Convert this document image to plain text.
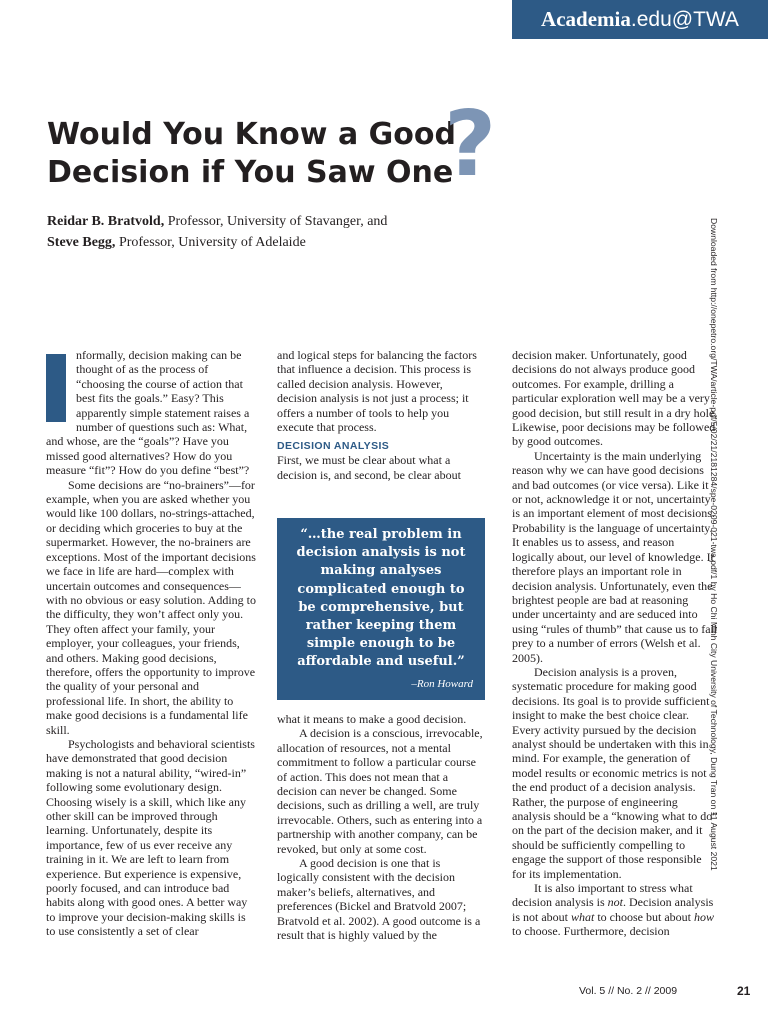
Academia.edu@TWA
Would You Know a Good
Decision if You Saw One
?
Reidar B. Bratvold, Professor, University of Stavanger, and
Steve Begg, Professor, University of Adelaide	Downloaded from http://onepetro.org/TWA/article-pdf/5/02/21/2181284/spe-0209-021-twa.pdf/1 by Ho Chi Minh City University of Technology, Dung Tran on 11 August 2021

nformally, decision making can be thought of as the process of “choosing the course of action that best fits the goals.” Easy? This apparently simple statement raises a number of questions such as: What, and whose, are the “goals”? Have you missed good alternatives? How do you measure “fit”? How do you define “best”?

Some decisions are “no-brainers”—for example, when you are asked whether you would like 100 dollars, no-strings-attached, or deciding which groceries to buy at the supermarket. However, the no-brainers are exceptions. Most of the important decisions we face in life are hard—complex with uncertain outcomes and consequences—with no obvious or easy solution. Adding to the difficulty, they won’t affect only you. They often affect your family, your employer, your colleagues, your friends, and others. Making good decisions, therefore, offers the opportunity to improve the quality of your personal and professional life. In short, the ability to make good decisions is a fundamental life skill.

Psychologists and behavioral scientists have demonstrated that good decision making is not a natural ability, “wired-in” following some evolutionary design. Choosing wisely is a skill, which like any other skill can be improved through learning. Unfortunately, despite its importance, few of us ever receive any training in it. We are left to learn from experience. But experience is expensive, poorly focused, and can introduce bad habits along with good ones. A better way to improve your decision-making skills is to use consistently a set of clear

and logical steps for balancing the factors that influence a decision. This process is called decision analysis. However, decision analysis is not just a process; it offers a number of tools to help you execute that process.

DECISION ANALYSIS

First, we must be clear about what a decision is, and second, be clear about

“…the real problem in decision analysis is not making analyses complicated enough to be comprehensive, but rather keeping them simple enough to be affordable and useful.”
–Ron Howard

what it means to make a good decision.

A decision is a conscious, irrevocable, allocation of resources, not a mental commitment to follow a particular course of action. This does not mean that a decision can never be changed. Some decisions, such as drilling a well, are truly irrevocable. Others, such as entering into a partnership with another company, can be revoked, but only at some cost.

A good decision is one that is logically consistent with the decision maker’s beliefs, alternatives, and preferences (Bickel and Bratvold 2007; Bratvold et al. 2002). A good outcome is a result that is highly valued by the

decision maker. Unfortunately, good decisions do not always produce good outcomes. For example, drilling a particular exploration well may be a very good decision, but still result in a dry hole. Likewise, poor decisions may be followed by good outcomes.

Uncertainty is the main underlying reason why we can have good decisions and bad outcomes (or vice versa). Like it or not, acknowledge it or not, uncertainty is an important element of most decisions. Probability is the language of uncertainty. It enables us to assess, and reason logically about, our level of knowledge. It therefore plays an important role in decision analysis. Unfortunately, even the brightest people are bad at reasoning under uncertainty and are seduced into using “rules of thumb” that cause us to fall prey to a number of errors (Welsh et al. 2005).

Decision analysis is a proven, systematic procedure for making good decisions. Its goal is to provide sufficient insight to make the best choice clear. Every activity pursued by the decision analyst should be undertaken with this in mind. For example, the generation of model results or economic metrics is not the end product of a decision analysis. Rather, the purpose of engineering analysis should be a “knowing what to do” on the part of the decision maker, and it should be sufficiently compelling to engage the support of those responsible for its implementation.

It is also important to stress what decision analysis is not. Decision analysis is not about what to choose but about how to choose. Furthermore, decision

Vol. 5 // No. 2 // 2009	21
